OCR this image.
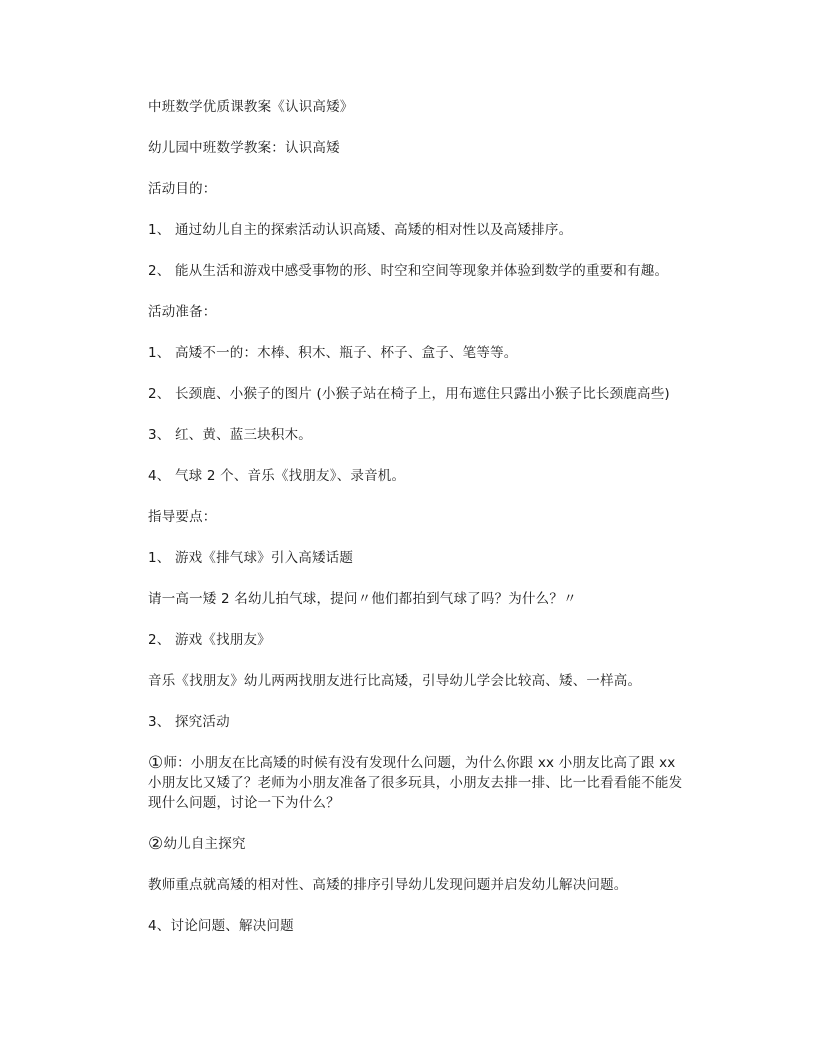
中班数学优质课教案《认识高矮》

幼儿园中班数学教案：认识高矮

活动目的：

1、 通过幼儿自主的探索活动认识高矮、高矮的相对性以及高矮排序。

2、 能从生活和游戏中感受事物的形、时空和空间等现象并体验到数学的重要和有趣。

活动准备：

1、 高矮不一的：木棒、积木、瓶子、杯子、盒子、笔等等。

2、 长颈鹿、小猴子的图片 (小猴子站在椅子上，用布遮住只露出小猴子比长颈鹿高些)

3、 红、黄、蓝三块积木。

4、 气球 2 个、音乐《找朋友》、录音机。

指导要点：

1、 游戏《排气球》引入高矮话题

请一高一矮 2 名幼儿拍气球，提问〃他们都拍到气球了吗？为什么？〃

2、 游戏《找朋友》

音乐《找朋友》幼儿两两找朋友进行比高矮，引导幼儿学会比较高、矮、一样高。

3、 探究活动

①师：小朋友在比高矮的时候有没有发现什么问题，为什么你跟 xx 小朋友比高了跟 xx 小朋友比又矮了？老师为小朋友准备了很多玩具，小朋友去排一排、比一比看看能不能发现什么问题，讨论一下为什么？

②幼儿自主探究

教师重点就高矮的相对性、高矮的排序引导幼儿发现问题并启发幼儿解决问题。

4、讨论问题、解决问题
